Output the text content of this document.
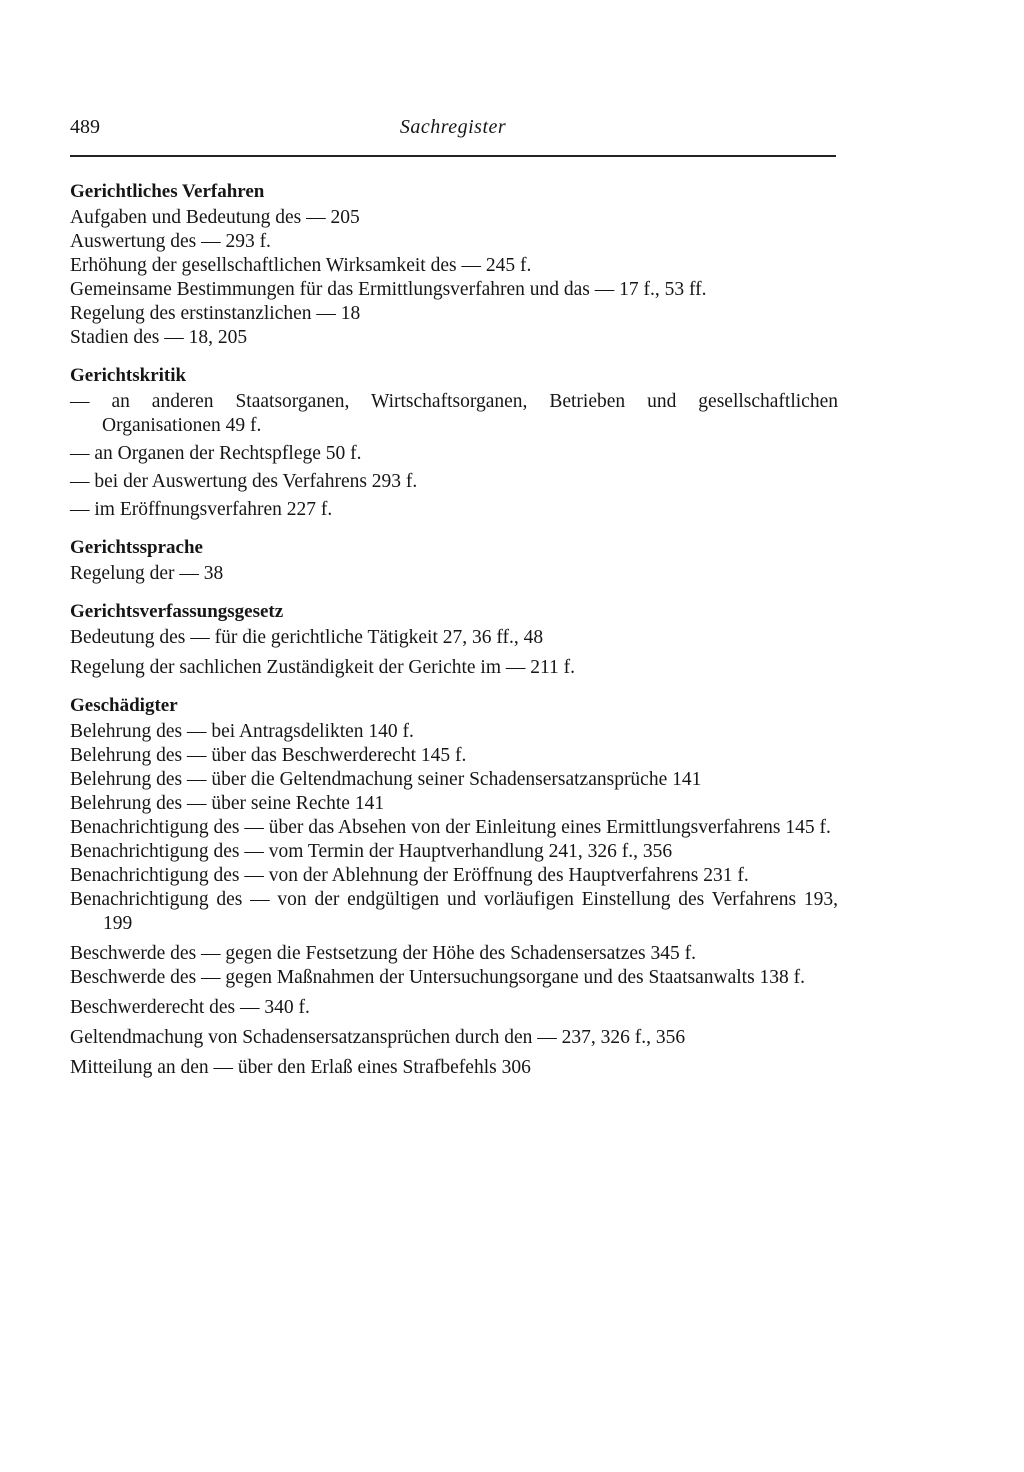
489	Sachregister
Gerichtliches Verfahren
Aufgaben und Bedeutung des — 205
Auswertung des — 293 f.
Erhöhung der gesellschaftlichen Wirksamkeit des — 245 f.
Gemeinsame Bestimmungen für das Ermittlungsverfahren und das — 17 f., 53 ff.
Regelung des erstinstanzlichen — 18
Stadien des — 18, 205
Gerichtskritik
— an anderen Staatsorganen, Wirtschaftsorganen, Betrieben und gesellschaftlichen Organisationen 49 f.
— an Organen der Rechtspflege 50 f.
— bei der Auswertung des Verfahrens 293 f.
— im Eröffnungsverfahren 227 f.
Gerichtssprache
Regelung der — 38
Gerichtsverfassungsgesetz
Bedeutung des — für die gerichtliche Tätigkeit 27, 36 ff., 48
Regelung der sachlichen Zuständigkeit der Gerichte im — 211 f.
Geschädigter
Belehrung des — bei Antragsdelikten 140 f.
Belehrung des — über das Beschwerderecht 145 f.
Belehrung des — über die Geltendmachung seiner Schadensersatzansprüche 141
Belehrung des — über seine Rechte 141
Benachrichtigung des — über das Absehen von der Einleitung eines Ermittlungsverfahrens 145 f.
Benachrichtigung des — vom Termin der Hauptverhandlung 241, 326 f., 356
Benachrichtigung des — von der Ablehnung der Eröffnung des Hauptverfahrens 231 f.
Benachrichtigung des — von der endgültigen und vorläufigen Einstellung des Verfahrens 193, 199
Beschwerde des — gegen die Festsetzung der Höhe des Schadensersatzes 345 f.
Beschwerde des — gegen Maßnahmen der Untersuchungsorgane und des Staatsanwalts 138 f.
Beschwerderecht des — 340 f.
Geltendmachung von Schadensersatzansprüchen durch den — 237, 326 f., 356
Mitteilung an den — über den Erlaß eines Strafbefehls 306
